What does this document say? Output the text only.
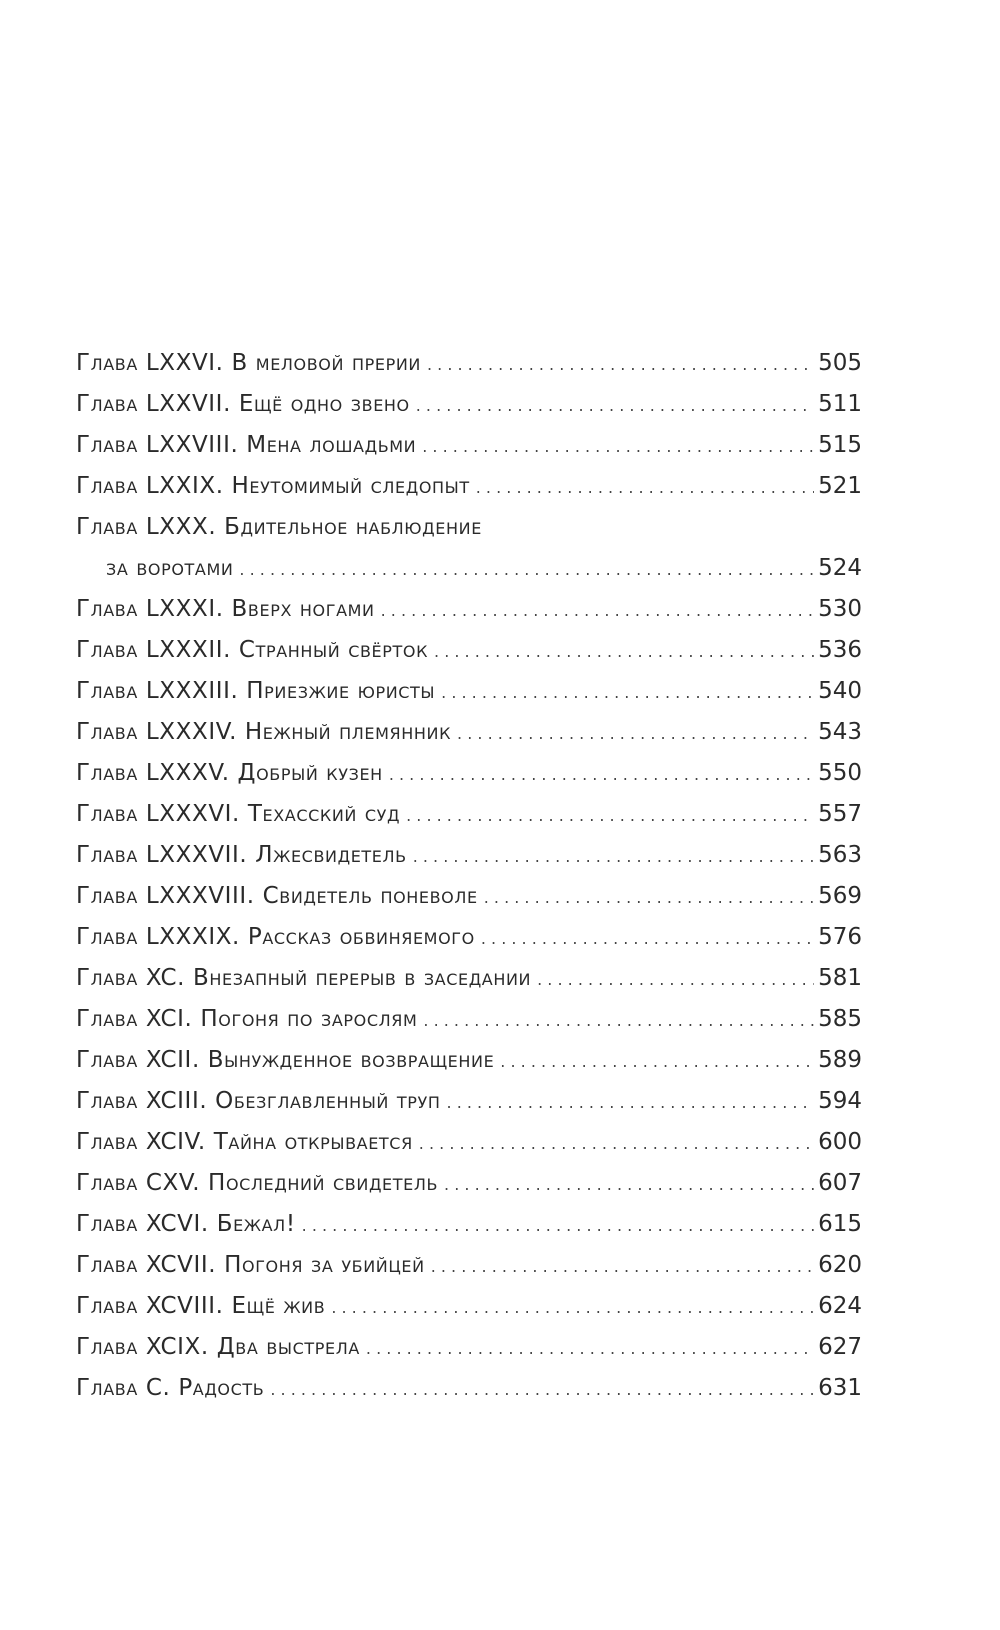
Глава LXXVI. В меловой прерии . . .	505
Глава LXXVII. Ещё одно звено . . .	511
Глава LXXVIII. Мена лошадьми . . .	515
Глава LXXIX. Неутомимый следопыт . . .	521
Глава LXXX. Бдительное наблюдение
за воротами . . .	524
Глава LXXXI. Вверх ногами . . .	530
Глава LXXXII. Странный свёрток . . .	536
Глава LXXXIII. Приезжие юристы . . .	540
Глава LXXXIV. Нежный племянник . . .	543
Глава LXXXV. Добрый кузен . . .	550
Глава LXXXVI. Техасский суд . . .	557
Глава LXXXVII. Лжесвидетель . . .	563
Глава LXXXVIII. Свидетель поневоле . . .	569
Глава LXXXIX. Рассказ обвиняемого . . .	576
Глава XC. Внезапный перерыв в заседании . . .	581
Глава XCI. Погоня по зарослям . . .	585
Глава XCII. Вынужденное возвращение . . .	589
Глава XCIII. Обезглавленный труп . . .	594
Глава XCIV. Тайна открывается . . .	600
Глава CXV. Последний свидетель . . .	607
Глава XCVI. Бежал! . . .	615
Глава XCVII. Погоня за убийцей . . .	620
Глава XCVIII. Ещё жив . . .	624
Глава XCIX. Два выстрела . . .	627
Глава C. Радость . . .	631
